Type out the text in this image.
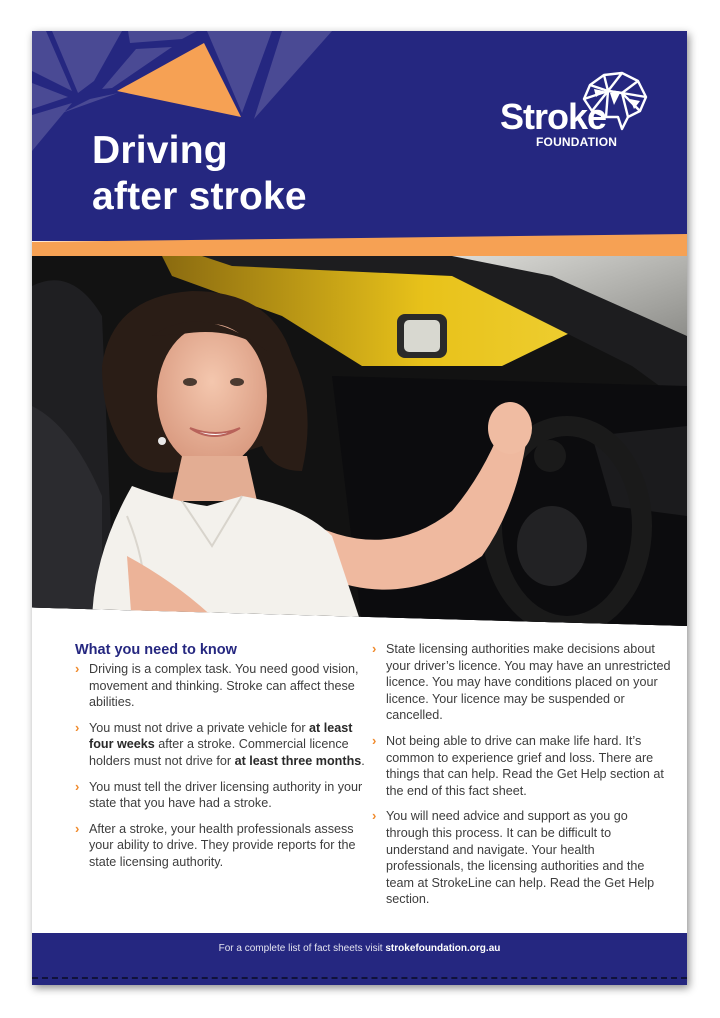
Driving
after stroke
Stroke
FOUNDATION
What you need to know
› Driving is a complex task. You need good vision, movement and thinking. Stroke can affect these abilities.
› You must not drive a private vehicle for at least four weeks after a stroke. Commercial licence holders must not drive for at least three months.
› You must tell the driver licensing authority in your state that you have had a stroke.
› After a stroke, your health professionals assess your ability to drive. They provide reports for the state licensing authority.
› State licensing authorities make decisions about your driver’s licence. You may have an unrestricted licence. You may have conditions placed on your licence. Your licence may be suspended or cancelled.
› Not being able to drive can make life hard. It’s common to experience grief and loss. There are things that can help. Read the Get Help section at the end of this fact sheet.
› You will need advice and support as you go through this process. It can be difficult to understand and navigate. Your health professionals, the licensing authorities and the team at StrokeLine can help. Read the Get Help section.
For a complete list of fact sheets visit strokefoundation.org.au
